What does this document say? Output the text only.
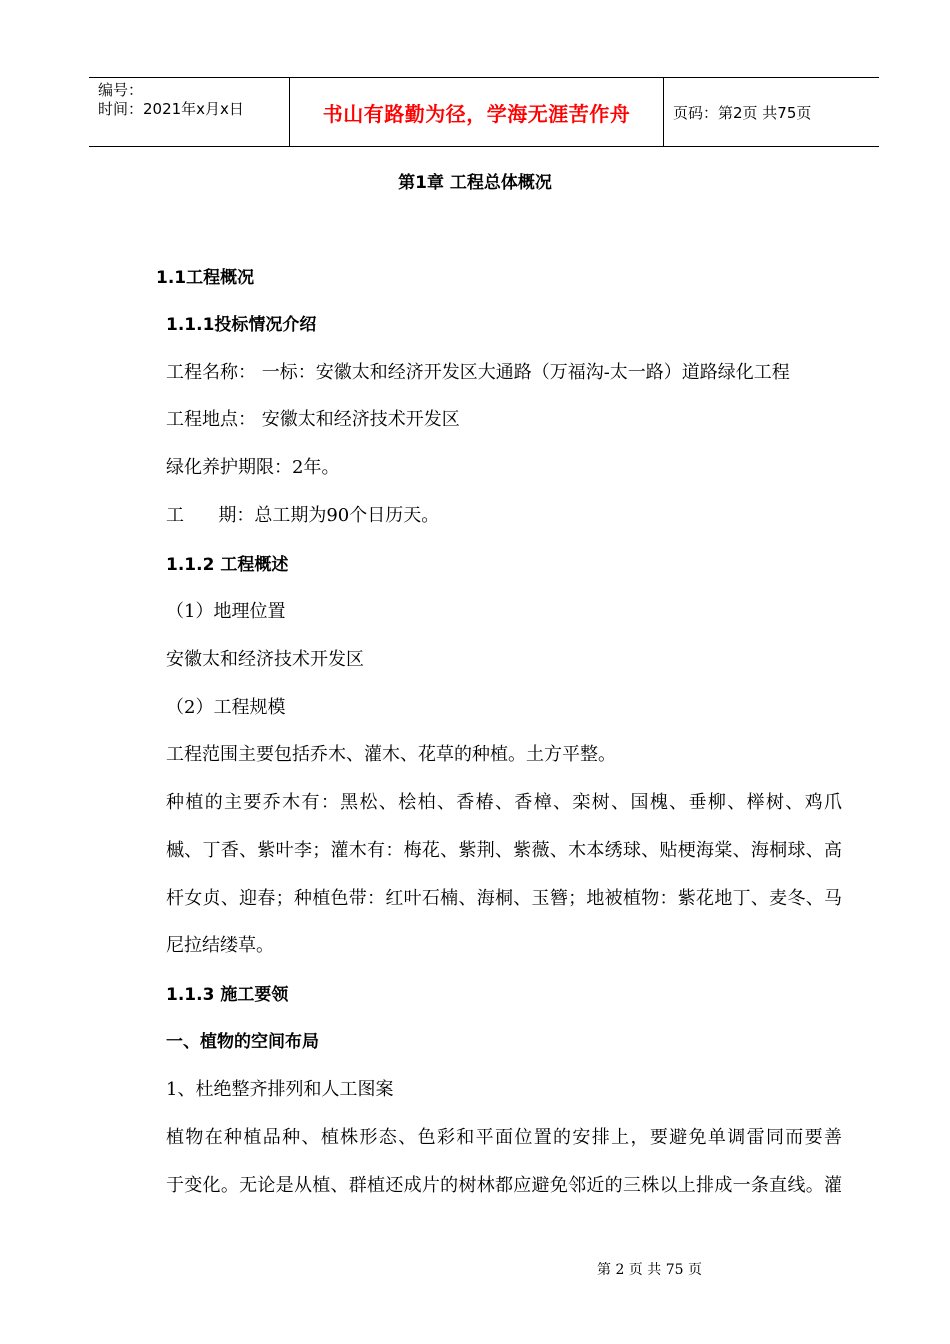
编号：
时间：2021年x月x日	书山有路勤为径，学海无涯苦作舟	页码：第2页 共75页
第1章 工程总体概况
1.1工程概况
1.1.1投标情况介绍
工程名称： 一标：安徽太和经济开发区大通路（万福沟-太一路）道路绿化工程
工程地点： 安徽太和经济技术开发区
绿化养护期限：2年。
工      期：总工期为90个日历天。
1.1.2 工程概述
（1）地理位置
安徽太和经济技术开发区
（2）工程规模
工程范围主要包括乔木、灌木、花草的种植。土方平整。
种植的主要乔木有：黑松、桧柏、香椿、香樟、栾树、国槐、垂柳、榉树、鸡爪
槭、丁香、紫叶李；灌木有：梅花、紫荆、紫薇、木本绣球、贴梗海棠、海桐球、高
杆女贞、迎春；种植色带：红叶石楠、海桐、玉簪；地被植物：紫花地丁、麦冬、马
尼拉结缕草。
1.1.3 施工要领
一、植物的空间布局
1、杜绝整齐排列和人工图案
植物在种植品种、植株形态、色彩和平面位置的安排上，要避免单调雷同而要善
于变化。无论是从植、群植还成片的树林都应避免邻近的三株以上排成一条直线。灌
第 2 页 共 75 页
